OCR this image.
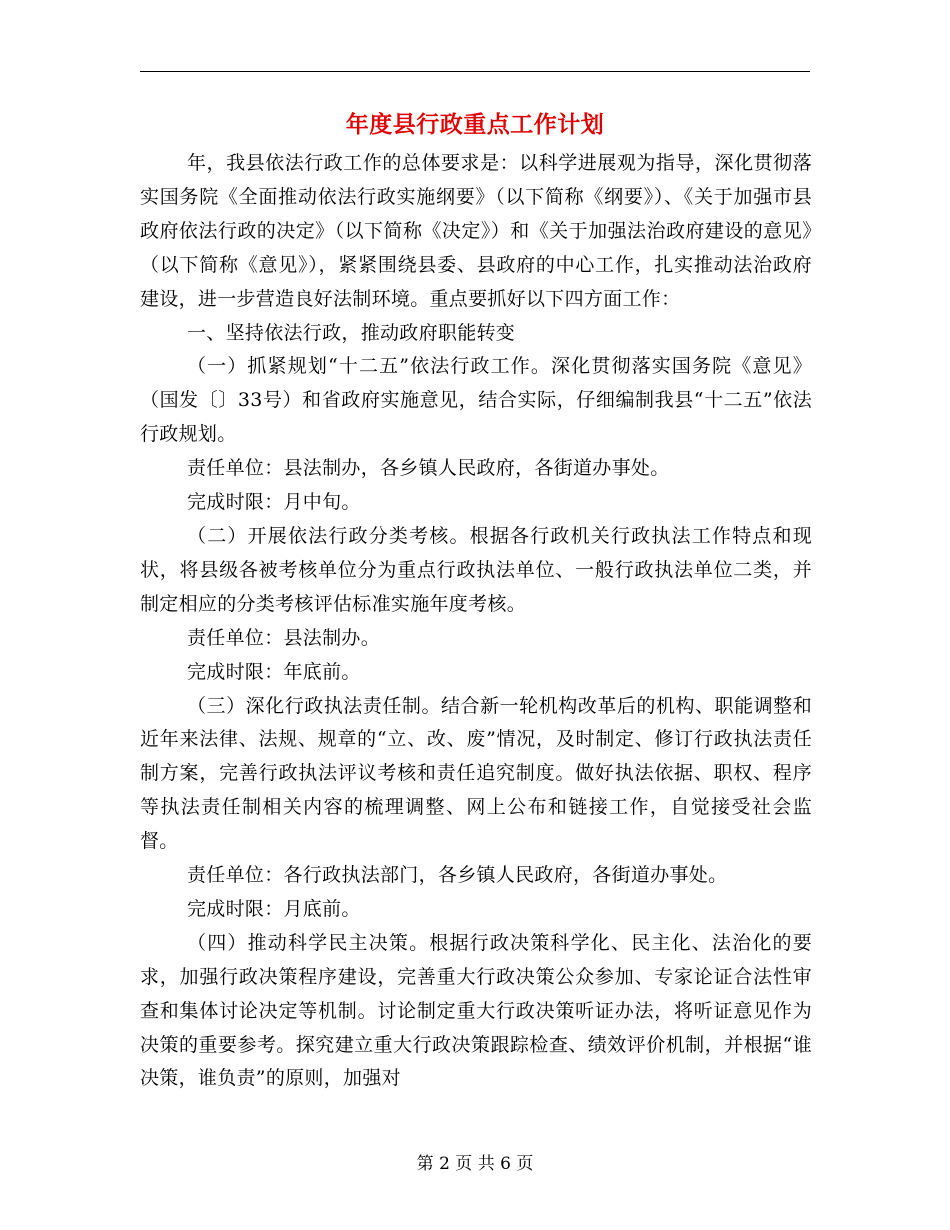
年度县行政重点工作计划

年，我县依法行政工作的总体要求是：以科学进展观为指导，深化贯彻落实国务院《全面推动依法行政实施纲要》（以下简称《纲要》）、《关于加强市县政府依法行政的决定》（以下简称《决定》）和《关于加强法治政府建设的意见》（以下简称《意见》），紧紧围绕县委、县政府的中心工作，扎实推动法治政府建设，进一步营造良好法制环境。重点要抓好以下四方面工作：

一、坚持依法行政，推动政府职能转变

（一）抓紧规划“十二五”依法行政工作。深化贯彻落实国务院《意见》（国发〔〕33号）和省政府实施意见，结合实际，仔细编制我县“十二五”依法行政规划。

责任单位：县法制办，各乡镇人民政府，各街道办事处。

完成时限：月中旬。

（二）开展依法行政分类考核。根据各行政机关行政执法工作特点和现状，将县级各被考核单位分为重点行政执法单位、一般行政执法单位二类，并制定相应的分类考核评估标准实施年度考核。

责任单位：县法制办。

完成时限：年底前。

（三）深化行政执法责任制。结合新一轮机构改革后的机构、职能调整和近年来法律、法规、规章的“立、改、废”情况，及时制定、修订行政执法责任制方案，完善行政执法评议考核和责任追究制度。做好执法依据、职权、程序等执法责任制相关内容的梳理调整、网上公布和链接工作，自觉接受社会监督。

责任单位：各行政执法部门，各乡镇人民政府，各街道办事处。

完成时限：月底前。

（四）推动科学民主决策。根据行政决策科学化、民主化、法治化的要求，加强行政决策程序建设，完善重大行政决策公众参加、专家论证合法性审查和集体讨论决定等机制。讨论制定重大行政决策听证办法，将听证意见作为决策的重要参考。探究建立重大行政决策跟踪检查、绩效评价机制，并根据“谁决策，谁负责”的原则，加强对

第 2 页 共 6 页
